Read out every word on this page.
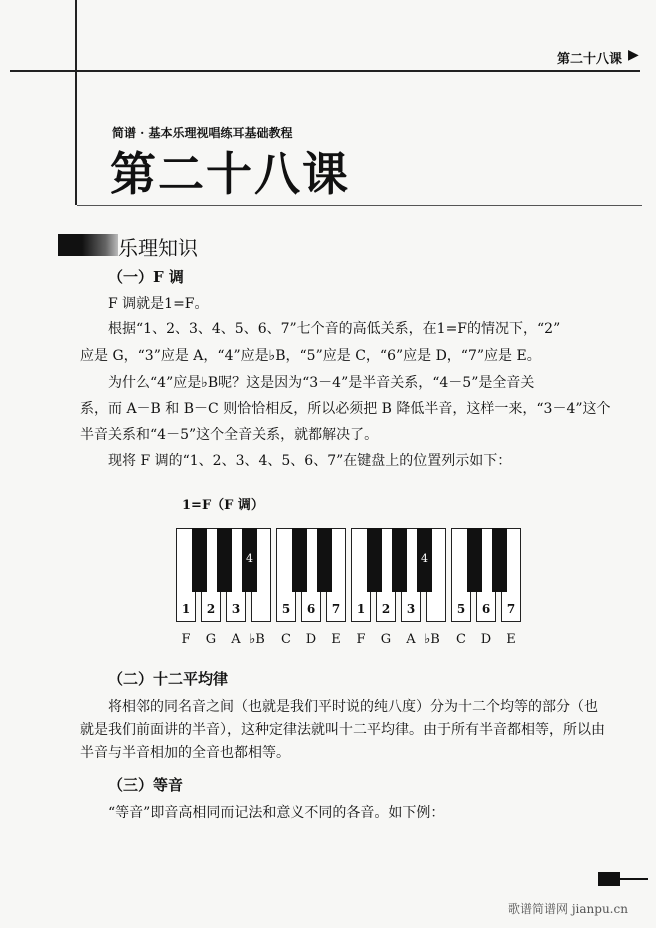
第二十八课 ▶
简谱 · 基本乐理视唱练耳基础教程
第二十八课
乐理知识
（一）F 调
F 调就是1=F。
根据“1、2、3、4、5、6、7”七个音的高低关系，在1=F的情况下，“2”
应是 G，“3”应是 A，“4”应是♭B，“5”应是 C，“6”应是 D，“7”应是 E。
为什么“4”应是♭B呢？这是因为“3－4”是半音关系，“4－5”是全音关
系，而 A－B 和 B－C 则恰恰相反，所以必须把 B 降低半音，这样一来，“3－4”这个
半音关系和“4－5”这个全音关系，就都解决了。
现将 F 调的“1、2、3、4、5、6、7”在键盘上的位置列示如下：
1=F（F 调）
4	4
1	2	3	5	6	7	1	2	3	5	6	7
F	G	A ♭B	C	D	E	F	G	A ♭B	C	D	E
（二）十二平均律
将相邻的同名音之间（也就是我们平时说的纯八度）分为十二个均等的部分（也
就是我们前面讲的半音），这种定律法就叫十二平均律。由于所有半音都相等，所以由
半音与半音相加的全音也都相等。
（三）等音
“等音”即音高相同而记法和意义不同的各音。如下例：
歌谱简谱网 jianpu.cn
